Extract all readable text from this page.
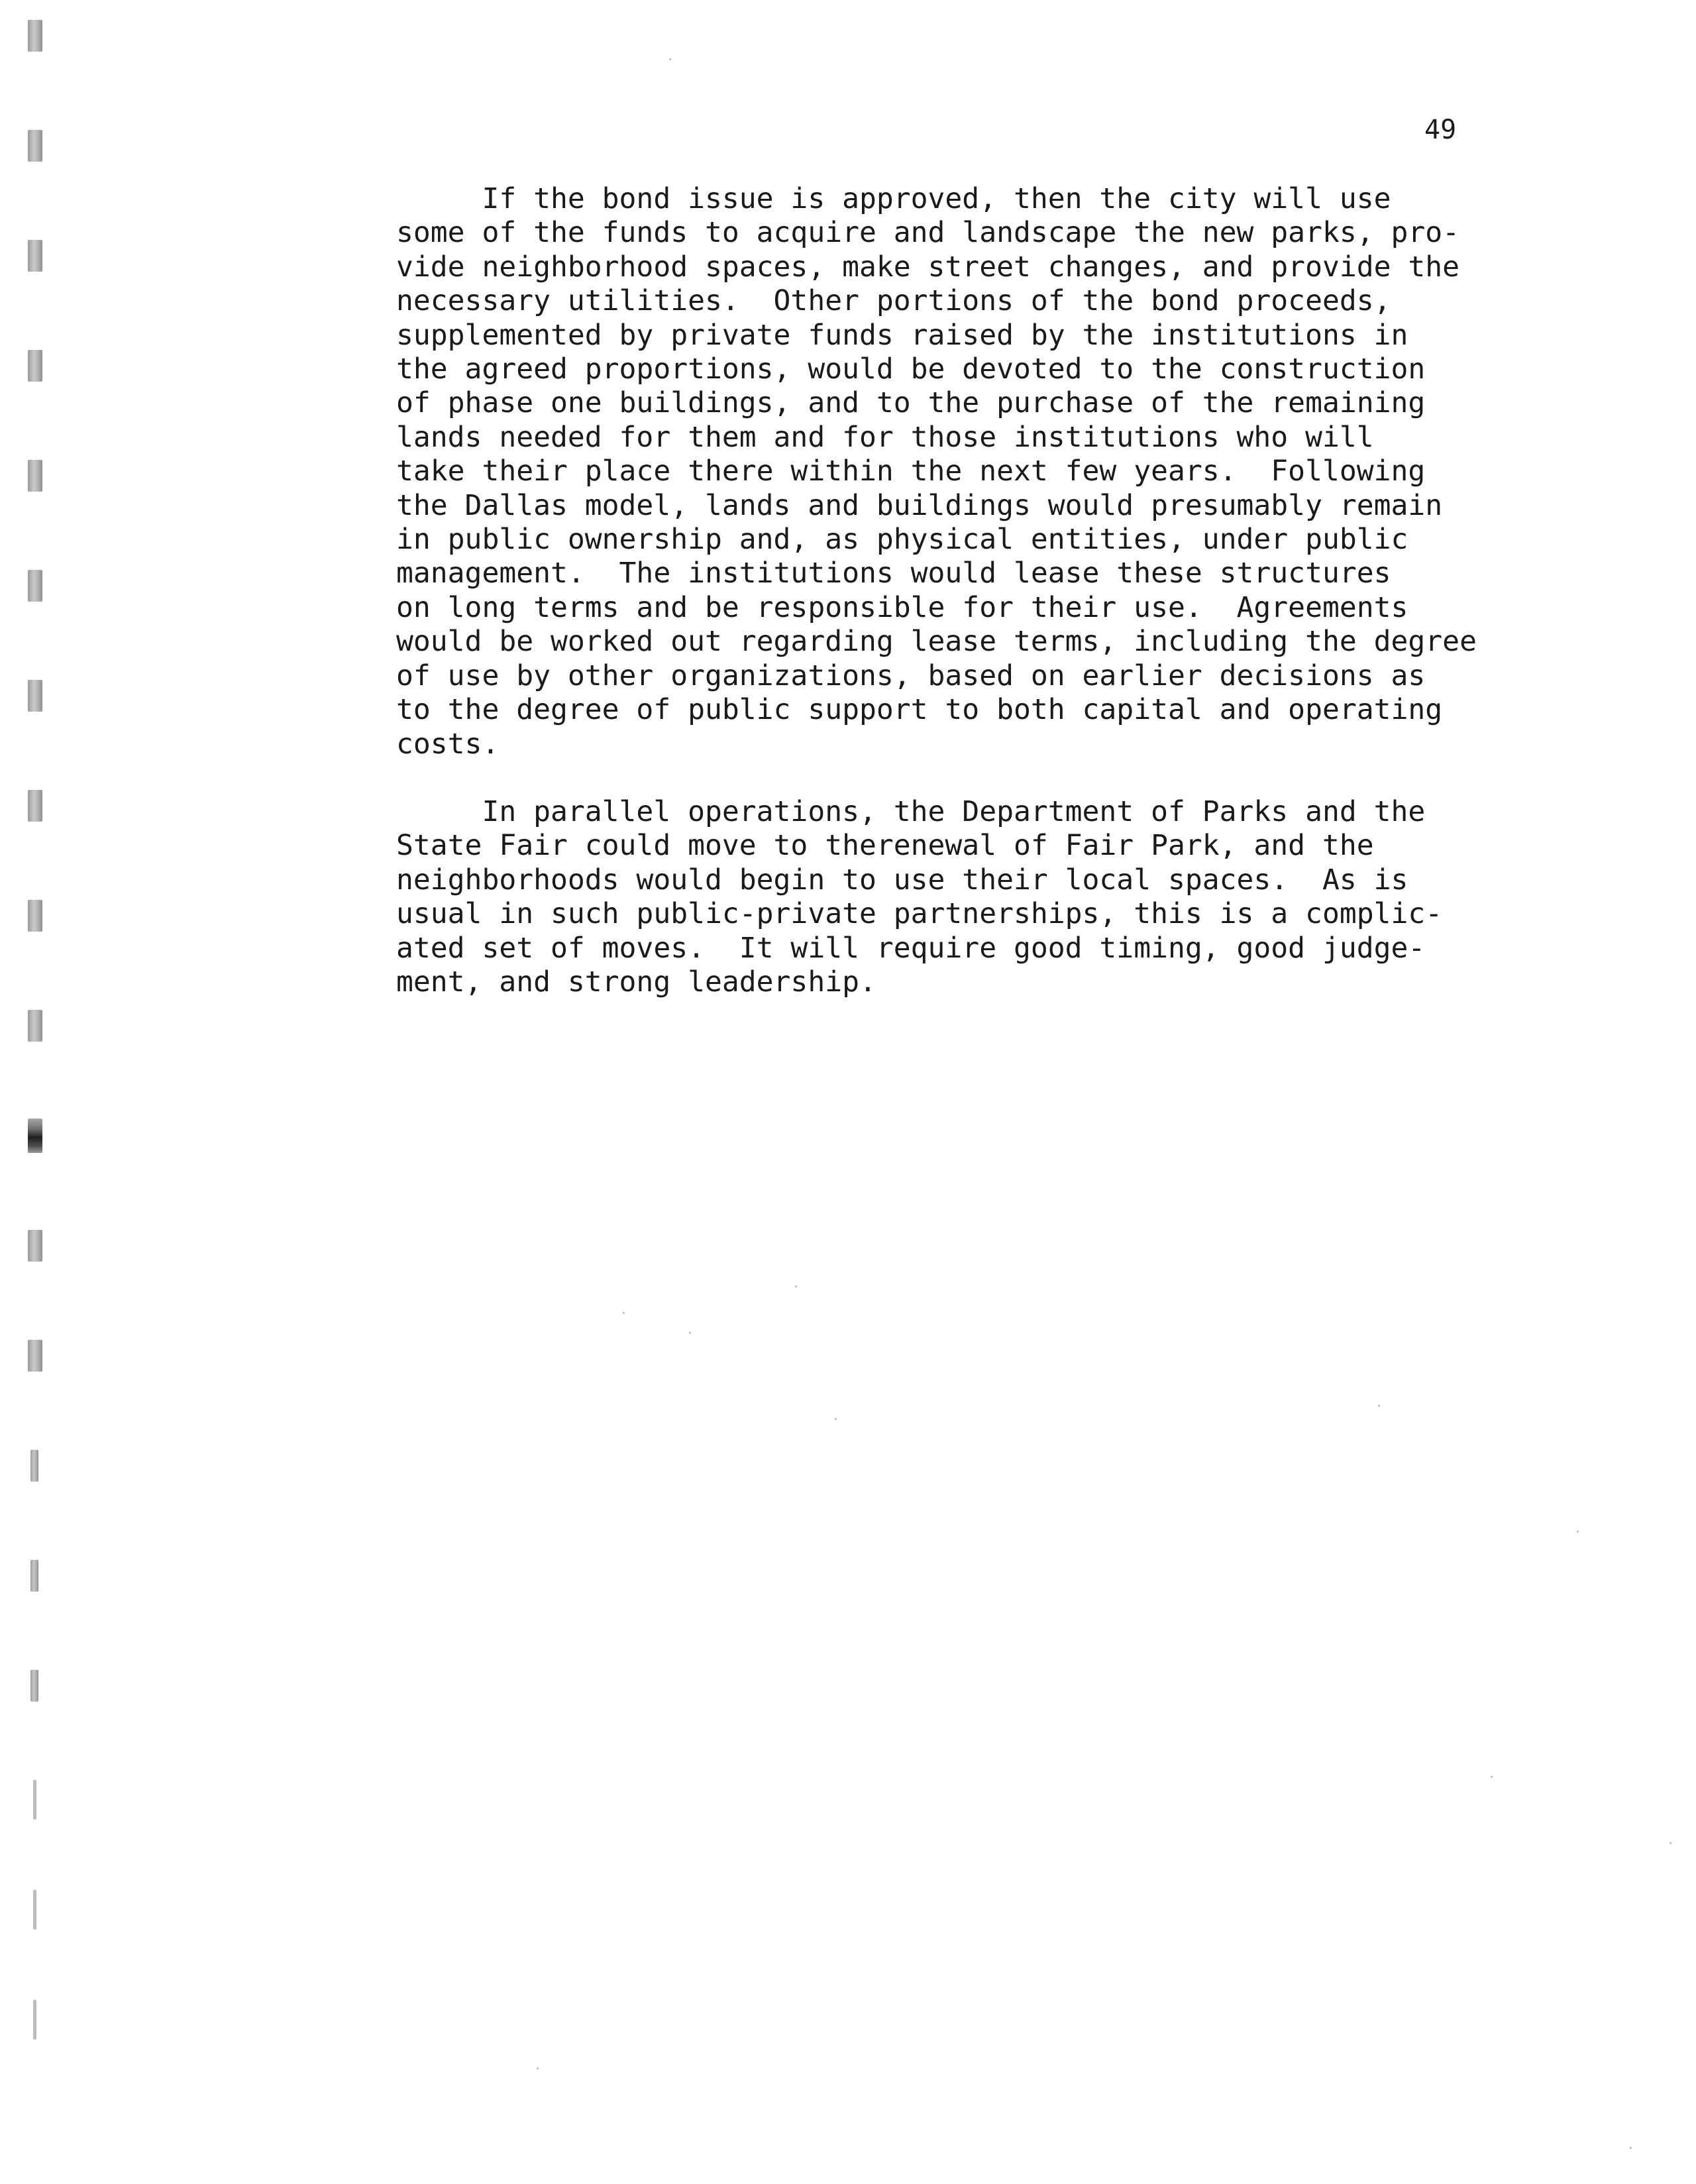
49

If the bond issue is approved, then the city will use
some of the funds to acquire and landscape the new parks, pro-
vide neighborhood spaces, make street changes, and provide the
necessary utilities.  Other portions of the bond proceeds,
supplemented by private funds raised by the institutions in
the agreed proportions, would be devoted to the construction
of phase one buildings, and to the purchase of the remaining
lands needed for them and for those institutions who will
take their place there within the next few years.  Following
the Dallas model, lands and buildings would presumably remain
in public ownership and, as physical entities, under public
management.  The institutions would lease these structures
on long terms and be responsible for their use.  Agreements
would be worked out regarding lease terms, including the degree
of use by other organizations, based on earlier decisions as
to the degree of public support to both capital and operating
costs.

In parallel operations, the Department of Parks and the
State Fair could move to therenewal of Fair Park, and the
neighborhoods would begin to use their local spaces.  As is
usual in such public-private partnerships, this is a complic-
ated set of moves.  It will require good timing, good judge-
ment, and strong leadership.
